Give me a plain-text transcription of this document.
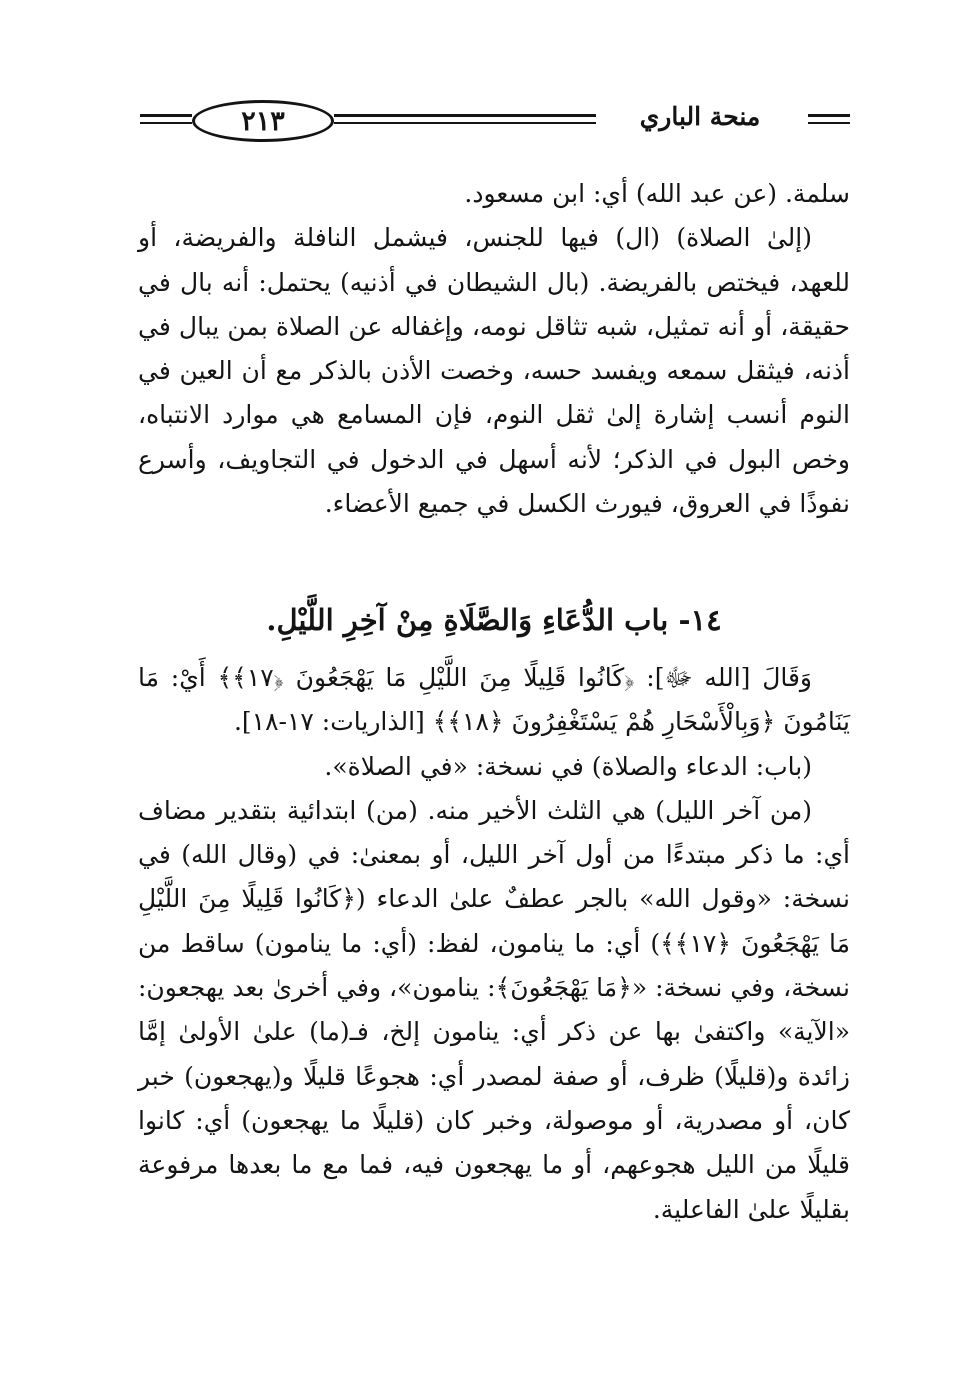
منحة الباري
٢١٣

سلمة. (عن عبد الله) أي: ابن مسعود.

(إلىٰ الصلاة) (ال) فيها للجنس، فيشمل النافلة والفريضة، أو للعهد، فيختص بالفريضة. (بال الشيطان في أذنيه) يحتمل: أنه بال في حقيقة، أو أنه تمثيل، شبه تثاقل نومه، وإغفاله عن الصلاة بمن يبال في أذنه، فيثقل سمعه ويفسد حسه، وخصت الأذن بالذكر مع أن العين في النوم أنسب إشارة إلىٰ ثقل النوم، فإن المسامع هي موارد الانتباه، وخص البول في الذكر؛ لأنه أسهل في الدخول في التجاويف، وأسرع نفوذًا في العروق، فيورث الكسل في جميع الأعضاء.

١٤- باب الدُّعَاءِ وَالصَّلَاةِ مِنْ آخِرِ اللَّيْلِ.

وَقَالَ [الله ﷻ]: ﴿كَانُوا قَلِيلًا مِنَ اللَّيْلِ مَا يَهْجَعُونَ ﴿١٧﴾﴾ أَيْ: مَا يَنَامُونَ ﴿وَبِالْأَسْحَارِ هُمْ يَسْتَغْفِرُونَ ﴿١٨﴾﴾ [الذاريات: ١٧-١٨].

(باب: الدعاء والصلاة) في نسخة: «في الصلاة».

(من آخر الليل) هي الثلث الأخير منه. (من) ابتدائية بتقدير مضاف أي: ما ذكر مبتدءًا من أول آخر الليل، أو بمعنىٰ: في (وقال الله) في نسخة: «وقول الله» بالجر عطفٌ علىٰ الدعاء (﴿كَانُوا قَلِيلًا مِنَ اللَّيْلِ مَا يَهْجَعُونَ ﴿١٧﴾﴾) أي: ما ينامون، لفظ: (أي: ما ينامون) ساقط من نسخة، وفي نسخة: «﴿مَا يَهْجَعُونَ﴾: ينامون»، وفي أخرىٰ بعد يهجعون: «الآية» واكتفىٰ بها عن ذكر أي: ينامون إلخ، فـ(ما) علىٰ الأولىٰ إمَّا زائدة و(قليلًا) ظرف، أو صفة لمصدر أي: هجوعًا قليلًا و(يهجعون) خبر كان، أو مصدرية، أو موصولة، وخبر كان (قليلًا ما يهجعون) أي: كانوا قليلًا من الليل هجوعهم، أو ما يهجعون فيه، فما مع ما بعدها مرفوعة بقليلًا علىٰ الفاعلية.
